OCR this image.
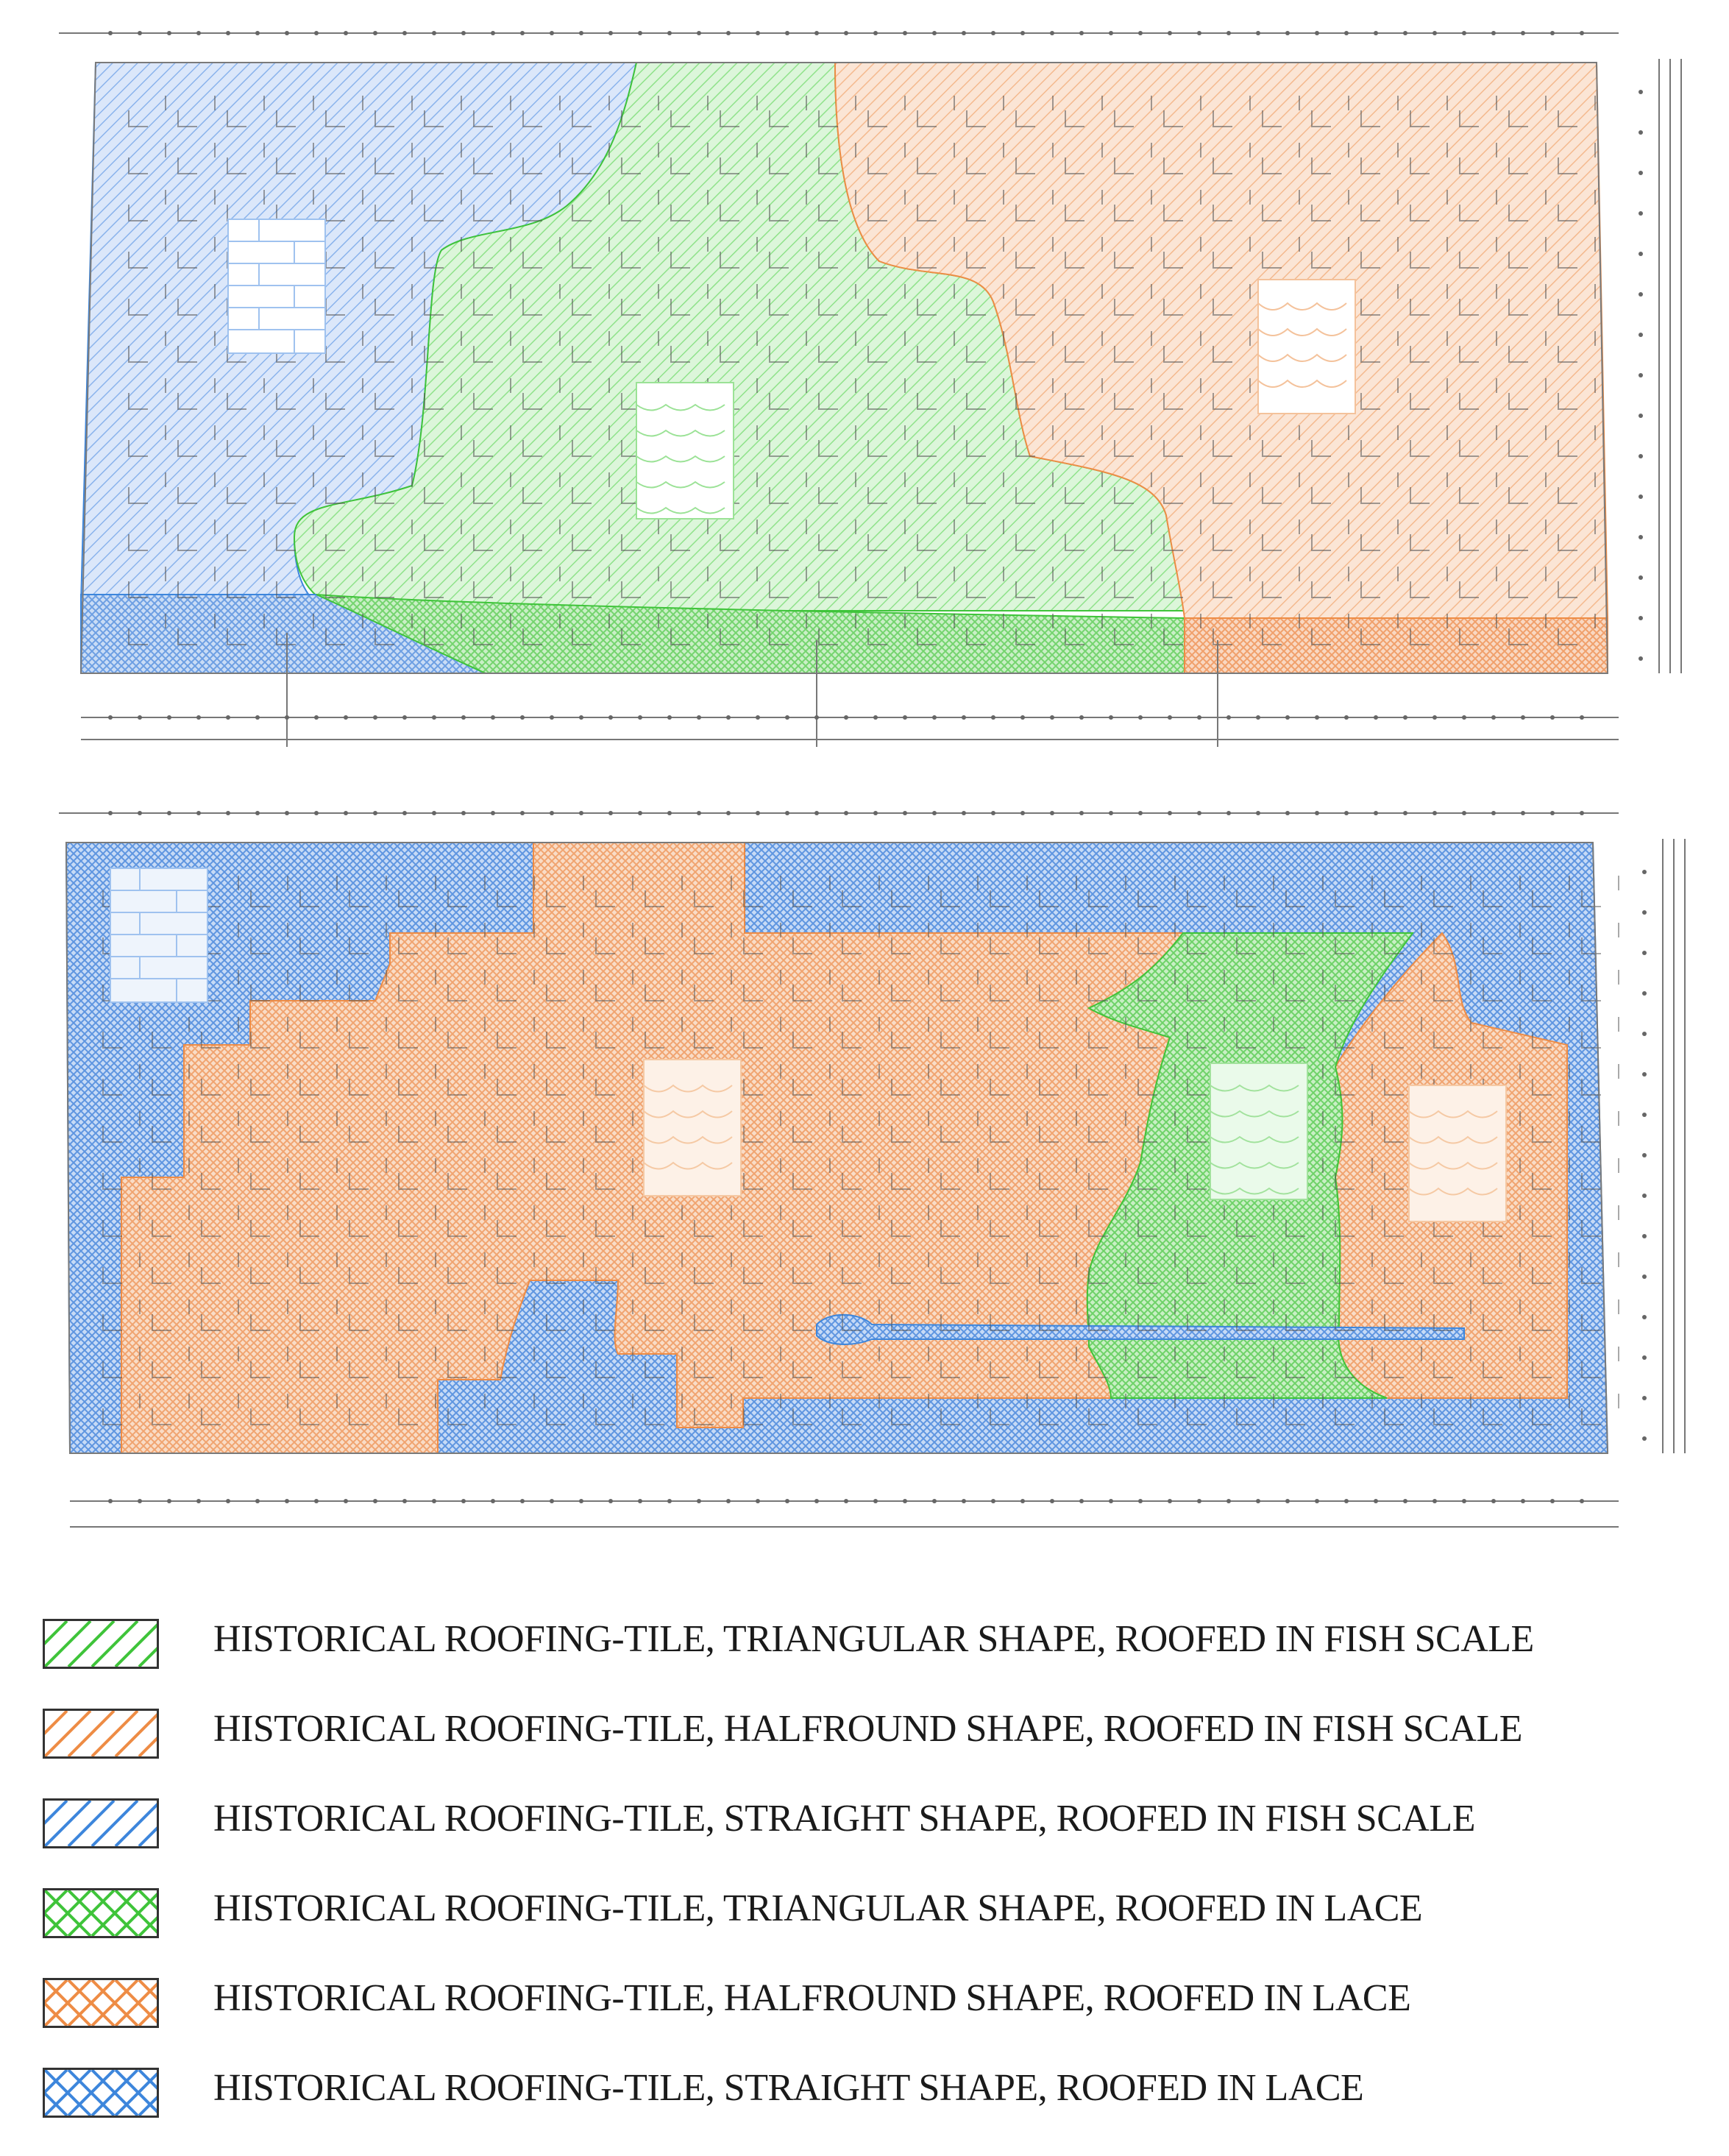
HISTORICAL ROOFING-TILE, TRIANGULAR SHAPE, ROOFED IN FISH SCALE
HISTORICAL ROOFING-TILE, HALFROUND SHAPE, ROOFED IN FISH SCALE
HISTORICAL ROOFING-TILE, STRAIGHT SHAPE, ROOFED IN FISH SCALE
HISTORICAL ROOFING-TILE, TRIANGULAR SHAPE, ROOFED IN LACE
HISTORICAL ROOFING-TILE, HALFROUND SHAPE, ROOFED IN LACE
HISTORICAL ROOFING-TILE, STRAIGHT SHAPE, ROOFED IN LACE
